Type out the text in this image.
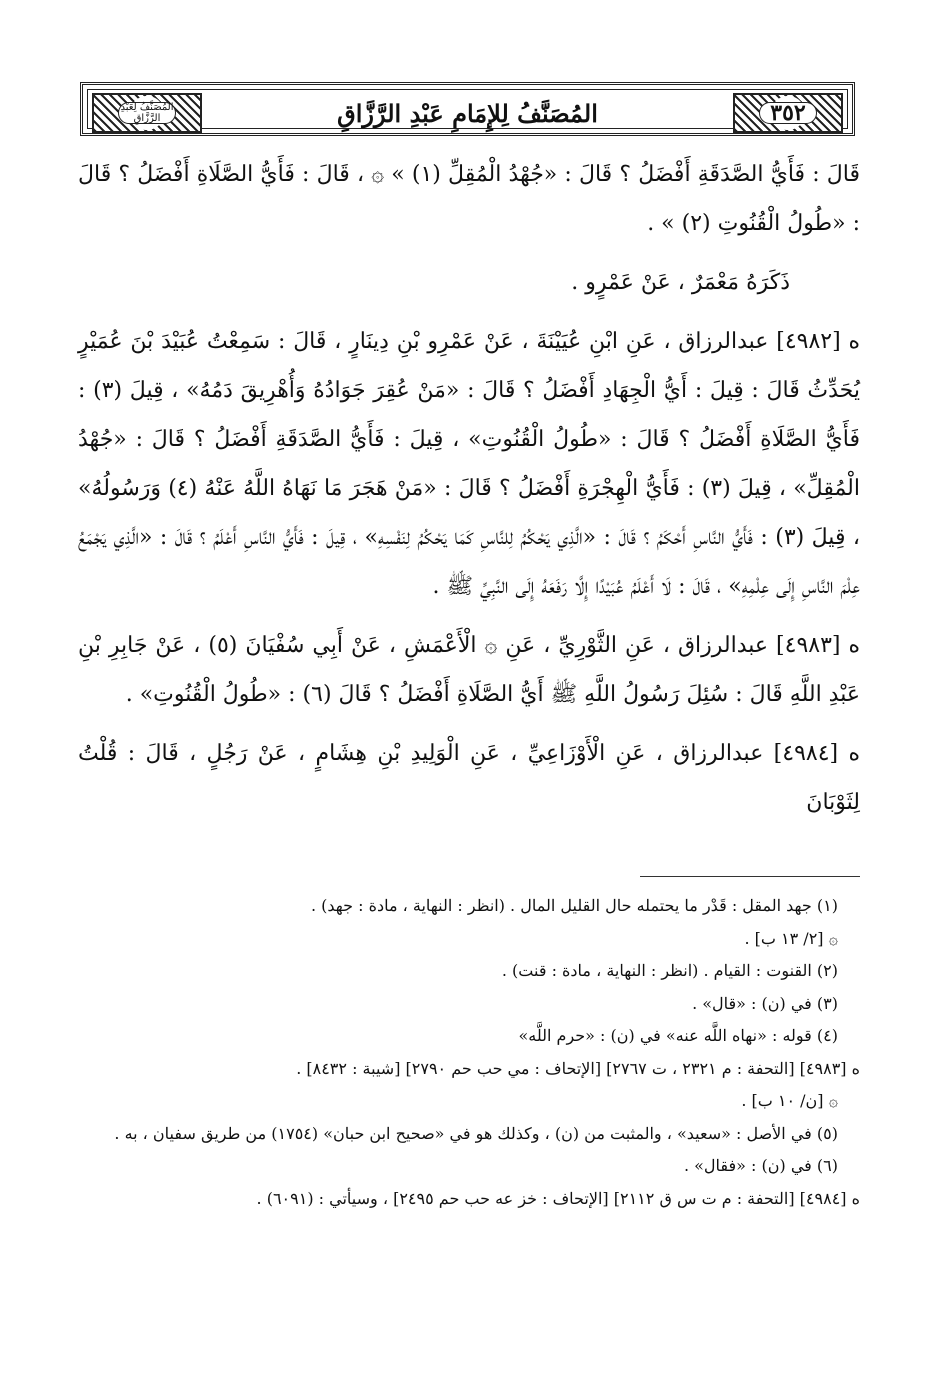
٣٥٢
المُصَنَّفُ لِلإِمَامِ عَبْدِ الرَّزَّاقِ
المُصَنَّفُ لِعَبْدِ الرَّزَّاقِ

قَالَ : فَأَيُّ الصَّدَقَةِ أَفْضَلُ ؟ قَالَ : «جُهْدُ الْمُقِلِّ (١) » ۞ ، قَالَ : فَأَيُّ الصَّلَاةِ أَفْضَلُ ؟ قَالَ : «طُولُ الْقُنُوتِ (٢) » .

ذَكَرَهُ مَعْمَرٌ ، عَنْ عَمْرٍو .

ه [٤٩٨٢] عبدالرزاق ، عَنِ ابْنِ عُيَيْنَةَ ، عَنْ عَمْرِو بْنِ دِينَارٍ ، قَالَ : سَمِعْتُ عُبَيْدَ بْنَ عُمَيْرٍ يُحَدِّثُ قَالَ : قِيلَ : أَيُّ الْجِهَادِ أَفْضَلُ ؟ قَالَ : «مَنْ عُقِرَ جَوَادُهُ وَأُهْرِيقَ دَمُهُ» ، قِيلَ (٣) : فَأَيُّ الصَّلَاةِ أَفْضَلُ ؟ قَالَ : «طُولُ الْقُنُوتِ» ، قِيلَ : فَأَيُّ الصَّدَقَةِ أَفْضَلُ ؟ قَالَ : «جُهْدُ الْمُقِلِّ» ، قِيلَ (٣) : فَأَيُّ الْهِجْرَةِ أَفْضَلُ ؟ قَالَ : «مَنْ هَجَرَ مَا نَهَاهُ اللَّهُ عَنْهُ (٤) وَرَسُولُهُ» ، قِيلَ (٣) : فَأَيُّ النَّاسِ أَحْكَمُ ؟ قَالَ : «الَّذِي يَحْكُمُ لِلنَّاسِ كَمَا يَحْكُمُ لِنَفْسِهِ» ، قِيلَ : فَأَيُّ النَّاسِ أَعْلَمُ ؟ قَالَ : «الَّذِي يَجْمَعُ عِلْمَ النَّاسِ إِلَى عِلْمِهِ» ، قَالَ : لَا أَعْلَمُ عُبَيْدًا إِلَّا رَفَعَهُ إِلَى النَّبِيِّ ﷺ .

ه [٤٩٨٣] عبدالرزاق ، عَنِ الثَّوْرِيِّ ، عَنِ ۞ الْأَعْمَشِ ، عَنْ أَبِي سُفْيَانَ (٥) ، عَنْ جَابِرِ بْنِ عَبْدِ اللَّهِ قَالَ : سُئِلَ رَسُولُ اللَّهِ ﷺ أَيُّ الصَّلَاةِ أَفْضَلُ ؟ قَالَ (٦) : «طُولُ الْقُنُوتِ» .

ه [٤٩٨٤] عبدالرزاق ، عَنِ الْأَوْزَاعِيِّ ، عَنِ الْوَلِيدِ بْنِ هِشَامٍ ، عَنْ رَجُلٍ ، قَالَ : قُلْتُ لِثَوْبَانَ

(١) جهد المقل : قَدْر ما يحتمله حال القليل المال . (انظر : النهاية ، مادة : جهد) .

۞ [٢/ ١٣ ب] .

(٢) القنوت : القيام . (انظر : النهاية ، مادة : قنت) .

(٣) في (ن) : «قال» .

(٤) قوله : «نهاه اللَّه عنه» في (ن) : «حرم اللَّه»

ه [٤٩٨٣] [التحفة : م ٢٣٢١ ، ت ٢٧٦٧] [الإتحاف : مي حب حم ٢٧٩٠] [شيبة : ٨٤٣٢] .

۞ [ن/ ١٠ ب] .

(٥) في الأصل : «سعيد» ، والمثبت من (ن) ، وكذلك هو في «صحيح ابن حبان» (١٧٥٤) من طريق سفيان ، به .

(٦) في (ن) : «فقال» .

ه [٤٩٨٤] [التحفة : م ت س ق ٢١١٢] [الإتحاف : خز عه حب حم ٢٤٩٥] ، وسيأتي : (٦٠٩١) .
